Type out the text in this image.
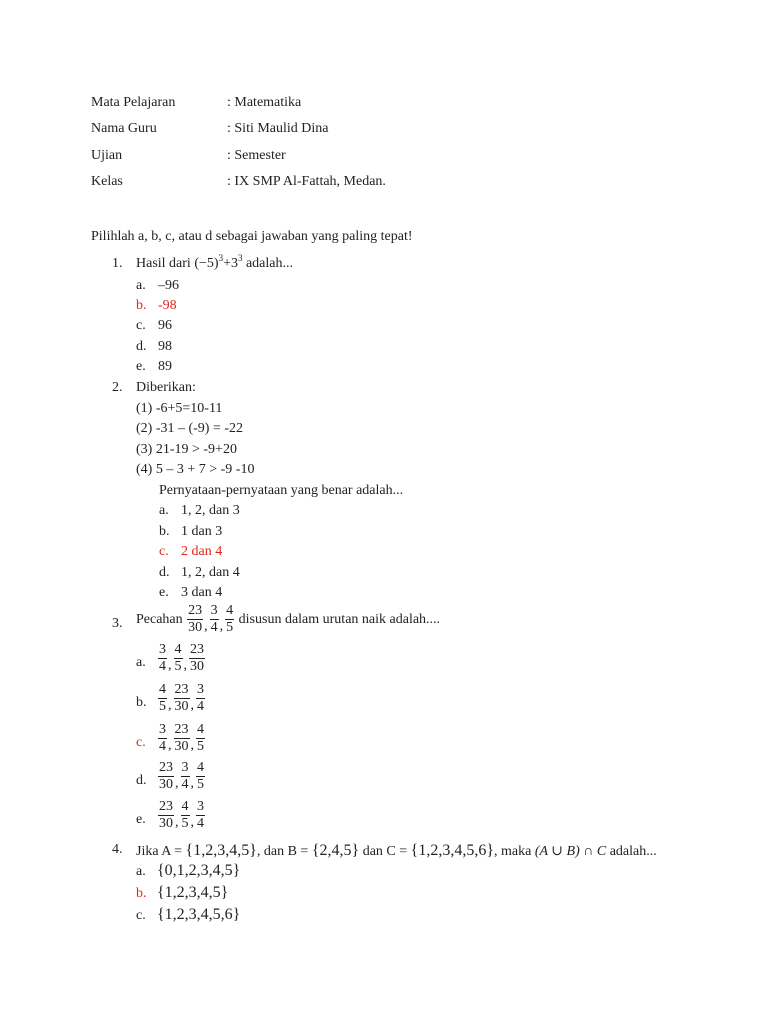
Mata Pelajaran	: Matematika
Nama Guru	: Siti Maulid Dina
Ujian	: Semester
Kelas	: IX SMP Al-Fattah, Medan.
Pilihlah a, b, c, atau d sebagai jawaban yang paling tepat!
1. Hasil dari $(-5)^3+3^3$ adalah...
a. –96
b. -98
c. 96
d. 98
e. 89
2. Diberikan:
(1) -6+5=10-11
(2) -31 – (-9) = -22
(3) 21-19 > -9+20
(4) 5 – 3 + 7 > -9 -10
Pernyataan-pernyataan yang benar adalah...
a. 1, 2, dan 3
b. 1 dan 3
c. 2 dan 4
d. 1, 2, dan 4
e. 3 dan 4
3. Pecahan $\frac{23}{30}$ , $\frac{3}{4}$ , $\frac{4}{5}$ disusun dalam urutan naik adalah....
a. $\frac{3}{4}$ , $\frac{4}{5}$ , $\frac{23}{30}$
b. $\frac{4}{5}$ , $\frac{23}{30}$ , $\frac{3}{4}$
c. $\frac{3}{4}$ , $\frac{23}{30}$ , $\frac{4}{5}$
d. $\frac{23}{30}$ , $\frac{3}{4}$ , $\frac{4}{5}$
e. $\frac{23}{30}$ , $\frac{4}{5}$ , $\frac{3}{4}$
4. Jika A = {1,2,3,4,5}, dan B = {2,4,5} dan C = {1,2,3,4,5,6}, maka (A ∪ B) ∩ C adalah...
a. {0,1,2,3,4,5}
b. {1,2,3,4,5}
c. {1,2,3,4,5,6}
